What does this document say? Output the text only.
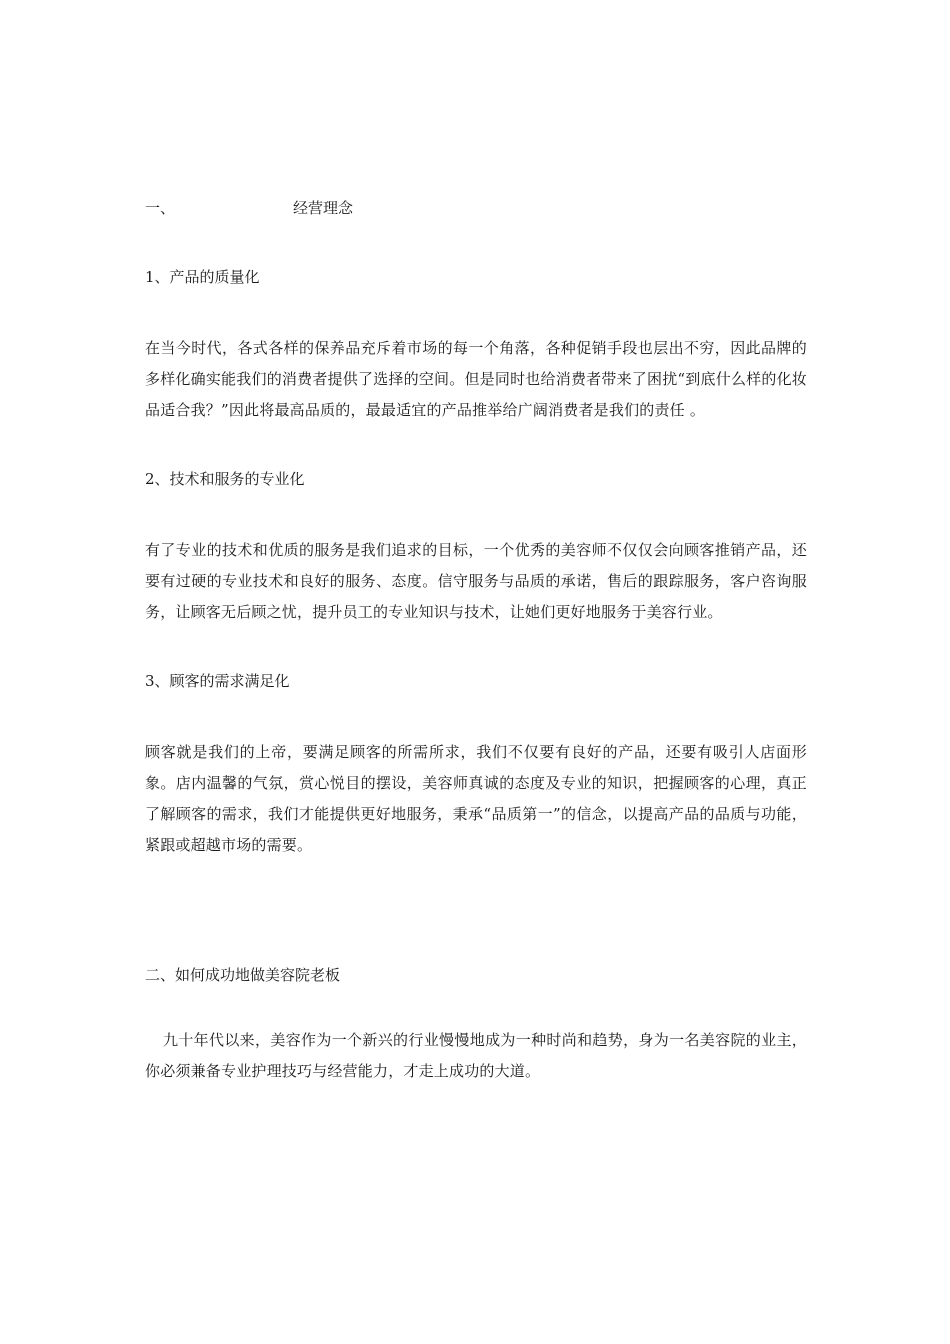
一、	经营理念
1、产品的质量化
在当今时代，各式各样的保养品充斥着市场的每一个角落，各种促销手段也层出不穷，因此品牌的多样化确实能我们的消费者提供了选择的空间。但是同时也给消费者带来了困扰“到底什么样的化妆品适合我？”因此将最高品质的，最最适宜的产品推举给广阔消费者是我们的责任 。
2、技术和服务的专业化
有了专业的技术和优质的服务是我们追求的目标，一个优秀的美容师不仅仅会向顾客推销产品，还要有过硬的专业技术和良好的服务、态度。信守服务与品质的承诺，售后的跟踪服务，客户咨询服务，让顾客无后顾之忧，提升员工的专业知识与技术，让她们更好地服务于美容行业。
3、顾客的需求满足化
顾客就是我们的上帝，要满足顾客的所需所求，我们不仅要有良好的产品，还要有吸引人店面形象。店内温馨的气氛，赏心悦目的摆设，美容师真诚的态度及专业的知识，把握顾客的心理，真正了解顾客的需求，我们才能提供更好地服务，秉承“品质第一”的信念，以提高产品的品质与功能，紧跟或超越市场的需要。
二、如何成功地做美容院老板
九十年代以来，美容作为一个新兴的行业慢慢地成为一种时尚和趋势，身为一名美容院的业主，你必须兼备专业护理技巧与经营能力，才走上成功的大道。
